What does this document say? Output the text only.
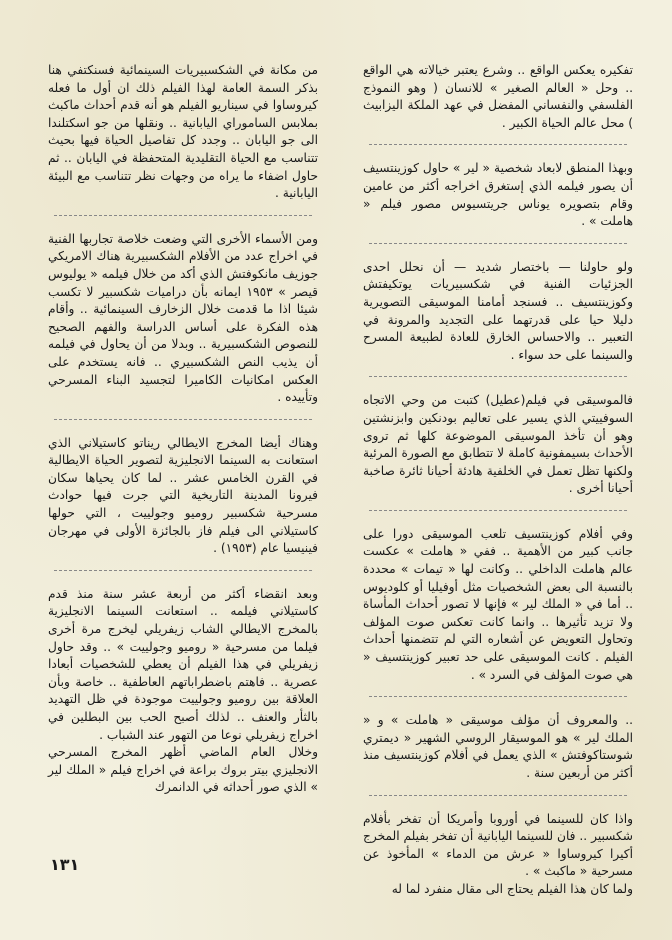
تفكيره يعكس الواقع .. وشرع يعتبر خيالاته هي الواقع .. وحل « العالم الصغير » للانسان ( وهو النموذج الفلسفي والنفساني المفضل في عهد الملكة اليزابيث ) محل عالم الحياة الكبير .

وبهذا المنطق لابعاد شخصية « لير » حاول كوزينتسيف أن يصور فيلمه الذي إستغرق اخراجه أكثر من عامين وقام بتصويره يوناس جريتسيوس مصور فيلم « هاملت » .

ولو حاولنا — باختصار شديد — أن نحلل احدى الجزئيات الفنية في شكسبيريات يوتكيفتش وكوزينتسيف .. فسنجد أمامنا الموسيقى التصويرية دليلا حيا على قدرتهما على التجديد والمرونة في التعبير .. والاحساس الخارق للعادة لطبيعة المسرح والسينما على حد سواء .

فالموسيقى في فيلم(عطيل) كتبت من وحي الاتجاه السوفييتي الذي يسير على تعاليم بودنكين وابزنشتين وهو أن تأخذ الموسيقى الموضوعة كلها ثم تروى الأحداث بسيمفونية كاملة لا تتطابق مع الصورة المرئية ولكنها تظل تعمل في الخلفية هادئة أحيانا ثائرة صاخبة أحيانا أخرى .

وفي أفلام كوزينتسيف تلعب الموسيقى دورا على جانب كبير من الأهمية .. ففي « هاملت » عكست عالم هاملت الداخلي .. وكانت لها « تيمات » محددة بالنسبة الى بعض الشخصيات مثل أوفيليا أو كلوديوس .. أما في « الملك لير » فإنها لا تصور أحداث المأساة ولا تزيد تأثيرها .. وانما كانت تعكس صوت المؤلف وتحاول التعويض عن أشعاره التي لم تتضمنها أحداث الفيلم . كانت الموسيقى على حد تعبير كوزينتسيف « هي صوت المؤلف في السرد » .

.. والمعروف أن مؤلف موسيقى « هاملت » و « الملك لير » هو الموسيقار الروسي الشهير « ديمتري شوستاكوفتش » الذي يعمل في أفلام كوزينتسيف منذ أكثر من أربعين سنة .

واذا كان للسينما في أوروبا وأمريكا أن تفخر بأفلام شكسبير .. فان للسينما اليابانية أن تفخر بفيلم المخرج أكيرا كيروساوا « عرش من الدماء » المأخوذ عن مسرحية « ماكبث » .

ولما كان هذا الفيلم يحتاج الى مقال منفرد لما له

من مكانة في الشكسبيريات السينمائية فسنكتفي هنا بذكر السمة العامة لهذا الفيلم ذلك ان أول ما فعله كيروساوا في سيناريو الفيلم هو أنه قدم أحداث ماكبث بملابس الساموراي اليابانية .. ونقلها من جو اسكتلندا الى جو اليابان .. وجدد كل تفاصيل الحياة فيها بحيث تتناسب مع الحياة التقليدية المتحفظة في اليابان .. ثم حاول اضفاء ما يراه من وجهات نظر تتناسب مع البيئة اليابانية .

ومن الأسماء الأخرى التي وضعت خلاصة تجاربها الفنية في اخراج عدد من الأفلام الشكسبيرية هناك الامريكي جوزيف مانكوفتش الذي أكد من خلال فيلمه « يوليوس قيصر » ١٩٥٣ ايمانه بأن دراميات شكسبير لا تكسب شيئا اذا ما قدمت خلال الزخارف السينمائية .. وأقام هذه الفكرة على أساس الدراسة والفهم الصحيح للنصوص الشكسبيرية .. وبدلا من أن يحاول في فيلمه أن يذيب النص الشكسبيري .. فانه يستخدم على العكس امكانيات الكاميرا لتجسيد البناء المسرحي وتأييده .

وهناك أيضا المخرج الايطالي ريناتو كاستيلاني الذي استعانت به السينما الانجليزية لتصوير الحياة الايطالية في القرن الخامس عشر .. لما كان يحياها سكان فيرونا المدينة التاريخية التي جرت فيها حوادث مسرحية شكسبير روميو وجولييت ، التي حولها كاستيلاني الى فيلم فاز بالجائزة الأولى في مهرجان فينيسيا عام (١٩٥٣) .

وبعد انقضاء أكثر من أربعة عشر سنة منذ قدم كاستيلاني فيلمه .. استعانت السينما الانجليزية بالمخرج الايطالي الشاب زيفريلي ليخرج مرة أخرى فيلما من مسرحية « روميو وجولييت » .. وقد حاول زيفريلي في هذا الفيلم أن يعطي للشخصيات أبعادا عصرية .. فاهتم باضطراباتهم العاطفية .. خاصة وبأن العلاقة بين روميو وجولييت موجودة في ظل التهديد بالثأر والعنف .. لذلك أصبح الحب بين البطلين في اخراج زيفريلي نوعا من التهور عند الشباب .

وخلال العام الماضي أظهر المخرج المسرحي الانجليزي بيتر بروك براعة في اخراج فيلم « الملك لير » الذي صور أحداثه في الدانمرك

١٣١
